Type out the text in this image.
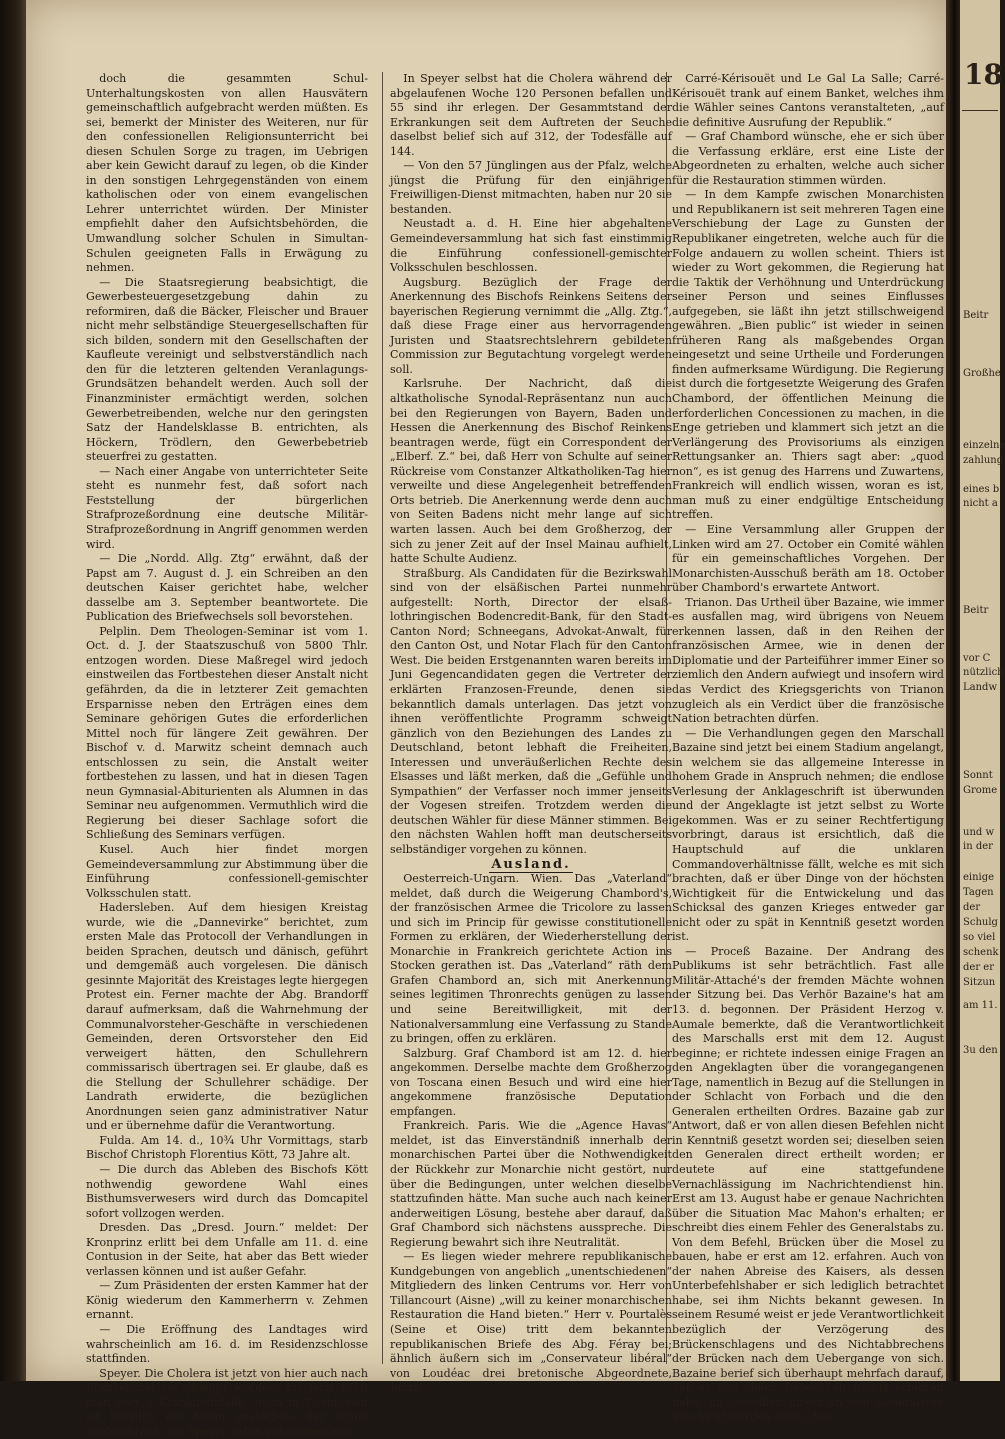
doch die gesammten Schul-Unterhaltungskosten von allen Hausvätern gemeinschaftlich aufgebracht werden müßten. Es sei, bemerkt der Minister des Weiteren, nur für den confessionellen Religionsunterricht bei diesen Schulen Sorge zu tragen, im Uebrigen aber kein Gewicht darauf zu legen, ob die Kinder in den sonstigen Lehrgegenständen von einem katholischen oder von einem evangelischen Lehrer unterrichtet würden. Der Minister empfiehlt daher den Aufsichtsbehörden, die Umwandlung solcher Schulen in Simultan-Schulen geeigneten Falls in Erwägung zu nehmen.

— Die Staatsregierung beabsichtigt, die Gewerbesteuergesetzgebung dahin zu reformiren, daß die Bäcker, Fleischer und Brauer nicht mehr selbständige Steuergesellschaften für sich bilden, sondern mit den Gesellschaften der Kaufleute vereinigt und selbstverständlich nach den für die letzteren geltenden Veranlagungs-Grundsätzen behandelt werden. Auch soll der Finanzminister ermächtigt werden, solchen Gewerbetreibenden, welche nur den geringsten Satz der Handelsklasse B. entrichten, als Höckern, Trödlern, den Gewerbebetrieb steuerfrei zu gestatten.

— Nach einer Angabe von unterrichteter Seite steht es nunmehr fest, daß sofort nach Feststellung der bürgerlichen Strafprozeßordnung eine deutsche Militär-Strafprozeßordnung in Angriff genommen werden wird.

— Die „Nordd. Allg. Ztg“ erwähnt, daß der Papst am 7. August d. J. ein Schreiben an den deutschen Kaiser gerichtet habe, welcher dasselbe am 3. September beantwortete. Die Publication des Briefwechsels soll bevorstehen.

Pelplin. Dem Theologen-Seminar ist vom 1. Oct. d. J. der Staatszuschuß von 5800 Thlr. entzogen worden. Diese Maßregel wird jedoch einstweilen das Fortbestehen dieser Anstalt nicht gefährden, da die in letzterer Zeit gemachten Ersparnisse neben den Erträgen eines dem Seminare gehörigen Gutes die erforderlichen Mittel noch für längere Zeit gewähren. Der Bischof v. d. Marwitz scheint demnach auch entschlossen zu sein, die Anstalt weiter fortbestehen zu lassen, und hat in diesen Tagen neun Gymnasial-Abiturienten als Alumnen in das Seminar neu aufgenommen. Vermuthlich wird die Regierung bei dieser Sachlage sofort die Schließung des Seminars verfügen.

Kusel. Auch hier findet morgen Gemeindeversammlung zur Abstimmung über die Einführung confessionell-gemischter Volksschulen statt.

Hadersleben. Auf dem hiesigen Kreistag wurde, wie die „Dannevirke“ berichtet, zum ersten Male das Protocoll der Verhandlungen in beiden Sprachen, deutsch und dänisch, geführt und demgemäß auch vorgelesen. Die dänisch gesinnte Majorität des Kreistages legte hiergegen Protest ein. Ferner machte der Abg. Brandorff darauf aufmerksam, daß die Wahrnehmung der Communalvorsteher-Geschäfte in verschiedenen Gemeinden, deren Ortsvorsteher den Eid verweigert hätten, den Schullehrern commissarisch übertragen sei. Er glaube, daß es die Stellung der Schullehrer schädige. Der Landrath erwiderte, die bezüglichen Anordnungen seien ganz administrativer Natur und er übernehme dafür die Verantwortung.

Fulda. Am 14. d., 10¾ Uhr Vormittags, starb Bischof Christoph Florentius Kött, 73 Jahre alt.

— Die durch das Ableben des Bischofs Kött nothwendig gewordene Wahl eines Bisthumsverwesers wird durch das Domcapitel sofort vollzogen werden.

Dresden. Das „Dresd. Journ.“ meldet: Der Kronprinz erlitt bei dem Unfalle am 11. d. eine Contusion in der Seite, hat aber das Bett wieder verlassen können und ist außer Gefahr.

— Zum Präsidenten der ersten Kammer hat der König wiederum den Kammerherrn v. Zehmen ernannt.

— Die Eröffnung des Landtages wird wahrscheinlich am 16. d. im Residenzschlosse stattfinden.

Speyer. Die Cholera ist jetzt von hier auch nach Frankenthal verschleppt worden; bis jetzt zählt man dort 3 Krankheitsfälle. Auch in Edenkoben ist kürzlich ein Mann gestorben, der schon cholerakrank von Speyer dahin gekommen war.

In Speyer selbst hat die Cholera während der abgelaufenen Woche 120 Personen befallen und 55 sind ihr erlegen. Der Gesammtstand der Erkrankungen seit dem Auftreten der Seuche daselbst belief sich auf 312, der Todesfälle auf 144.

— Von den 57 Jünglingen aus der Pfalz, welche jüngst die Prüfung für den einjährigen Freiwilligen-Dienst mitmachten, haben nur 20 sie bestanden.

Neustadt a. d. H. Eine hier abgehaltene Gemeindeversammlung hat sich fast einstimmig die Einführung confessionell-gemischter Volksschulen beschlossen.

Augsburg. Bezüglich der Frage der Anerkennung des Bischofs Reinkens Seitens der bayerischen Regierung vernimmt die „Allg. Ztg.“, daß diese Frage einer aus hervorragenden Juristen und Staatsrechtslehrern gebildeten Commission zur Begutachtung vorgelegt werden soll.

Karlsruhe. Der Nachricht, daß die altkatholische Synodal-Repräsentanz nun auch bei den Regierungen von Bayern, Baden und Hessen die Anerkennung des Bischof Reinkens beantragen werde, fügt ein Correspondent der „Elberf. Z.“ bei, daß Herr von Schulte auf seiner Rückreise vom Constanzer Altkatholiken-Tag hier verweilte und diese Angelegenheit betreffenden Orts betrieb. Die Anerkennung werde denn auch von Seiten Badens nicht mehr lange auf sich warten lassen. Auch bei dem Großherzog, der sich zu jener Zeit auf der Insel Mainau aufhielt, hatte Schulte Audienz.

Straßburg. Als Candidaten für die Bezirkswahl sind von der elsäßischen Partei nunmehr aufgestellt: North, Director der elsaß-lothringischen Bodencredit-Bank, für den Stadt-Canton Nord; Schneegans, Advokat-Anwalt, für den Canton Ost, und Notar Flach für den Canton West. Die beiden Erstgenannten waren bereits im Juni Gegencandidaten gegen die Vertreter der erklärten Franzosen-Freunde, denen sie bekanntlich damals unterlagen. Das jetzt von ihnen veröffentlichte Programm schweigt gänzlich von den Beziehungen des Landes zu Deutschland, betont lebhaft die Freiheiten, Interessen und unveräußerlichen Rechte des Elsasses und läßt merken, daß die „Gefühle und Sympathien“ der Verfasser noch immer jenseits der Vogesen streifen. Trotzdem werden die deutschen Wähler für diese Männer stimmen. Bei den nächsten Wahlen hofft man deutscherseits selbständiger vorgehen zu können.

Ausland.

Oesterreich-Ungarn. Wien. Das „Vaterland“ meldet, daß durch die Weigerung Chambord's, der französischen Armee die Tricolore zu lassen und sich im Princip für gewisse constitutionelle Formen zu erklären, der Wiederherstellung der Monarchie in Frankreich gerichtete Action ins Stocken gerathen ist. Das „Vaterland“ räth dem Grafen Chambord an, sich mit Anerkennung seines legitimen Thronrechts genügen zu lassen und seine Bereitwilligkeit, mit der Nationalversammlung eine Verfassung zu Stande zu bringen, offen zu erklären.

Salzburg. Graf Chambord ist am 12. d. hier angekommen. Derselbe machte dem Großherzog von Toscana einen Besuch und wird eine hier angekommene französische Deputation empfangen.

Frankreich. Paris. Wie die „Agence Havas“ meldet, ist das Einverständniß innerhalb der monarchischen Partei über die Nothwendigkeit der Rückkehr zur Monarchie nicht gestört, nur über die Bedingungen, unter welchen dieselbe stattzufinden hätte. Man suche auch nach keiner anderweitigen Lösung, bestehe aber darauf, daß Graf Chambord sich nächstens ausspreche. Die Regierung bewahrt sich ihre Neutralität.

— Es liegen wieder mehrere republikanische Kundgebungen von angeblich „unentschiedenen“ Mitgliedern des linken Centrums vor. Herr von Tillancourt (Aisne) „will zu keiner monarchischen Restauration die Hand bieten.“ Herr v. Pourtalès (Seine et Oise) tritt dem bekannten republikanischen Briefe des Abg. Féray bei; ähnlich äußern sich im „Conservateur libéral“ von Loudéac drei bretonische Abgeordnete, Janzé,

Carré-Kérisouët und Le Gal La Salle; Carré-Kérisouët trank auf einem Banket, welches ihm die Wähler seines Cantons veranstalteten, „auf die definitive Ausrufung der Republik.“

— Graf Chambord wünsche, ehe er sich über die Verfassung erkläre, erst eine Liste der Abgeordneten zu erhalten, welche auch sicher für die Restauration stimmen würden.

— In dem Kampfe zwischen Monarchisten und Republikanern ist seit mehreren Tagen eine Verschiebung der Lage zu Gunsten der Republikaner eingetreten, welche auch für die Folge andauern zu wollen scheint. Thiers ist wieder zu Wort gekommen, die Regierung hat die Taktik der Verhöhnung und Unterdrückung seiner Person und seines Einflusses aufgegeben, sie läßt ihn jetzt stillschweigend gewähren. „Bien public“ ist wieder in seinen früheren Rang als maßgebendes Organ eingesetzt und seine Urtheile und Forderungen finden aufmerksame Würdigung. Die Regierung ist durch die fortgesetzte Weigerung des Grafen Chambord, der öffentlichen Meinung die erforderlichen Concessionen zu machen, in die Enge getrieben und klammert sich jetzt an die Verlängerung des Provisoriums als einzigen Rettungsanker an. Thiers sagt aber: „quod non“, es ist genug des Harrens und Zuwartens, Frankreich will endlich wissen, woran es ist, man muß zu einer endgültige Entscheidung treffen.

— Eine Versammlung aller Gruppen der Linken wird am 27. October ein Comité wählen für ein gemeinschaftliches Vorgehen. Der Monarchisten-Ausschuß beräth am 18. October über Chambord's erwartete Antwort.

Trianon. Das Urtheil über Bazaine, wie immer es ausfallen mag, wird übrigens von Neuem erkennen lassen, daß in den Reihen der französischen Armee, wie in denen der Diplomatie und der Parteiführer immer Einer so ziemlich den Andern aufwiegt und insofern wird das Verdict des Kriegsgerichts von Trianon zugleich als ein Verdict über die französische Nation betrachten dürfen.

— Die Verhandlungen gegen den Marschall Bazaine sind jetzt bei einem Stadium angelangt, in welchem sie das allgemeine Interesse in hohem Grade in Anspruch nehmen; die endlose Verlesung der Anklageschrift ist überwunden und der Angeklagte ist jetzt selbst zu Worte gekommen. Was er zu seiner Rechtfertigung vorbringt, daraus ist ersichtlich, daß die Hauptschuld auf die unklaren Commandoverhältnisse fällt, welche es mit sich brachten, daß er über Dinge von der höchsten Wichtigkeit für die Entwickelung und das Schicksal des ganzen Krieges entweder gar nicht oder zu spät in Kenntniß gesetzt worden ist.

— Proceß Bazaine. Der Andrang des Publikums ist sehr beträchtlich. Fast alle Militär-Attaché's der fremden Mächte wohnen der Sitzung bei. Das Verhör Bazaine's hat am 13. d. begonnen. Der Präsident Herzog v. Aumale bemerkte, daß die Verantwortlichkeit des Marschalls erst mit dem 12. August beginne; er richtete indessen einige Fragen an den Angeklagten über die vorangegangenen Tage, namentlich in Bezug auf die Stellungen in der Schlacht von Forbach und die den Generalen ertheilten Ordres. Bazaine gab zur Antwort, daß er von allen diesen Befehlen nicht in Kenntniß gesetzt worden sei; dieselben seien den Generalen direct ertheilt worden; er deutete auf eine stattgefundene Vernachlässigung im Nachrichtendienst hin. Erst am 13. August habe er genaue Nachrichten über die Situation Mac Mahon's erhalten; er schreibt dies einem Fehler des Generalstabs zu. Von dem Befehl, Brücken über die Mosel zu bauen, habe er erst am 12. erfahren. Auch von der nahen Abreise des Kaisers, als dessen Unterbefehlshaber er sich lediglich betrachtet habe, sei ihm Nichts bekannt gewesen. In seinem Resumé weist er jede Verantwortlichkeit bezüglich der Verzögerung des Brückenschlagens und des Nichtabbrechens der Brücken nach dem Uebergange von sich. Bazaine berief sich überhaupt mehrfach darauf, daß er von vielen Depeschen Nichts erfahren habe, da dieselben direct an den Generalstab geschickt worden seien. Aus

18
Beitr
Großhe
einzelne
zahlung
eines b
nicht a
Beitr
vor C
nützlich
Landw
Sonnt
Grome
und w
in der
einige
Tagen
der
Schulg
so viel
schenk
der er
Sitzun
am 11.
3u den
